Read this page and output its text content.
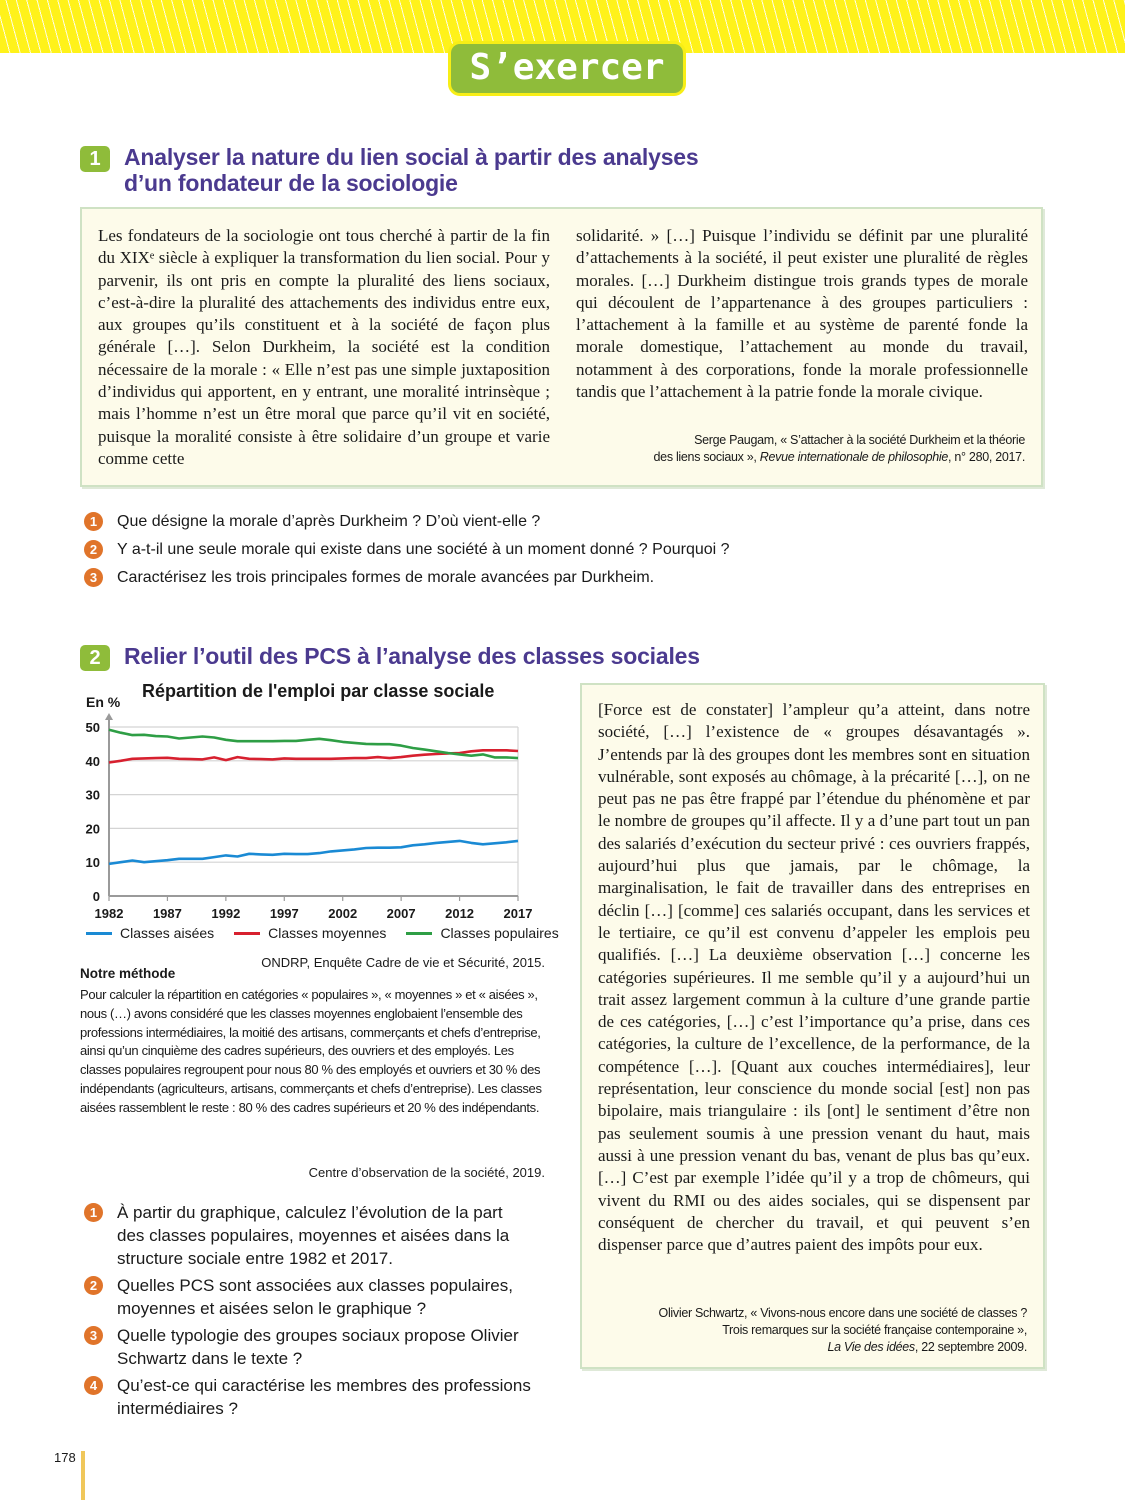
S’exercer
1	Analyser la nature du lien social à partir des analyses
d’un fondateur de la sociologie
Les fondateurs de la sociologie ont tous cherché à partir de la fin du XIXᵉ siècle à expliquer la transformation du lien social. Pour y parvenir, ils ont pris en compte la pluralité des liens sociaux, c’est-à-dire la pluralité des attachements des individus entre eux, aux groupes qu’ils constituent et à la société de façon plus générale […]. Selon Durkheim, la société est la condition nécessaire de la morale : « Elle n’est pas une simple juxtaposition d’individus qui apportent, en y entrant, une moralité intrinsèque ; mais l’homme n’est un être moral que parce qu’il vit en société, puisque la moralité consiste à être solidaire d’un groupe et varie comme cette
solidarité. » […] Puisque l’individu se définit par une pluralité d’attachements à la société, il peut exister une pluralité de règles morales. […] Durkheim distingue trois grands types de morale qui découlent de l’appartenance à des groupes particuliers : l’attachement à la famille et au système de parenté fonde la morale domestique, l’attachement au monde du travail, notamment à des corporations, fonde la morale professionnelle tandis que l’attachement à la patrie fonde la morale civique.
Serge Paugam, « S’attacher à la société Durkheim et la théorie
des liens sociaux », Revue internationale de philosophie, n° 280, 2017.
1	Que désigne la morale d’après Durkheim ? D’où vient-elle ?
2	Y a-t-il une seule morale qui existe dans une société à un moment donné ? Pourquoi ?
3	Caractérisez les trois principales formes de morale avancées par Durkheim.
2	Relier l’outil des PCS à l’analyse des classes sociales
Répartition de l'emploi par classe sociale
En %
0
10
20
30
40
50
1982 1987 1992 1997 2002 2007 2012 2017
Classes aisées	Classes moyennes	Classes populaires
ONDRP, Enquête Cadre de vie et Sécurité, 2015.
Notre méthode
Pour calculer la répartition en catégories « populaires », « moyennes » et « aisées », nous (…) avons considéré que les classes moyennes englobaient l’ensemble des professions intermédiaires, la moitié des artisans, commerçants et chefs d’entreprise, ainsi qu’un cinquième des cadres supérieurs, des ouvriers et des employés. Les classes populaires regroupent pour nous 80 % des employés et ouvriers et 30 % des indépendants (agriculteurs, artisans, commerçants et chefs d’entreprise). Les classes aisées rassemblent le reste : 80 % des cadres supérieurs et 20 % des indépendants.
Centre d’observation de la société, 2019.
1	À partir du graphique, calculez l’évolution de la part des classes populaires, moyennes et aisées dans la structure sociale entre 1982 et 2017.
2	Quelles PCS sont associées aux classes populaires, moyennes et aisées selon le graphique ?
3	Quelle typologie des groupes sociaux propose Olivier Schwartz dans le texte ?
4	Qu’est-ce qui caractérise les membres des professions intermédiaires ?
[Force est de constater] l’ampleur qu’a atteint, dans notre société, […] l’existence de « groupes désavantagés ». J’entends par là des groupes dont les membres sont en situation vulnérable, sont exposés au chômage, à la précarité […], on ne peut pas ne pas être frappé par l’étendue du phénomène et par le nombre de groupes qu’il affecte. Il y a d’une part tout un pan des salariés d’exécution du secteur privé : ces ouvriers frappés, aujourd’hui plus que jamais, par le chômage, la marginalisation, le fait de travailler dans des entreprises en déclin […] [comme] ces salariés occupant, dans les services et le tertiaire, ce qu’il est convenu d’appeler les emplois peu qualifiés. […] La deuxième observation […] concerne les catégories supérieures. Il me semble qu’il y a aujourd’hui un trait assez largement commun à la culture d’une grande partie de ces catégories, […] c’est l’importance qu’a prise, dans ces catégories, la culture de l’excellence, de la performance, de la compétence […]. [Quant aux couches intermédiaires], leur représentation, leur conscience du monde social [est] non pas bipolaire, mais triangulaire : ils [ont] le sentiment d’être non pas seulement soumis à une pression venant du haut, mais aussi à une pression venant du bas, venant de plus bas qu’eux. […] C’est par exemple l’idée qu’il y a trop de chômeurs, qui vivent du RMI ou des aides sociales, qui se dispensent par conséquent de chercher du travail, et qui peuvent s’en dispenser parce que d’autres paient des impôts pour eux.
Olivier Schwartz, « Vivons-nous encore dans une société de classes ?
Trois remarques sur la société française contemporaine »,
La Vie des idées, 22 septembre 2009.
178
